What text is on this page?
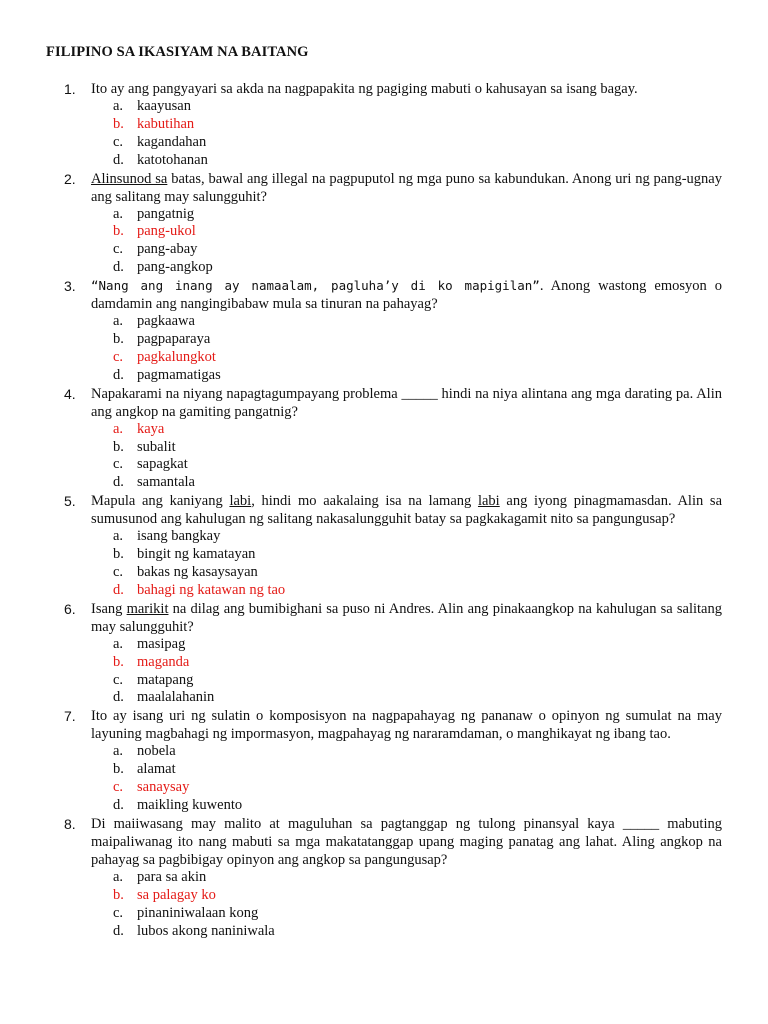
FILIPINO SA IKASIYAM NA BAITANG
1. Ito ay ang pangyayari sa akda na nagpapakita ng pagiging mabuti o kahusayan sa isang bagay.
a. kaayusan
b. kabutihan
c. kagandahan
d. katotohanan
2. Alinsunod sa batas, bawal ang illegal na pagpuputol ng mga puno sa kabundukan. Anong uri ng pang-ugnay ang salitang may salungguhit?
a. pangatnig
b. pang-ukol
c. pang-abay
d. pang-angkop
3. “Nang ang inang ay namaalam, pagluha’y di ko mapigilan”. Anong wastong emosyon o damdamin ang nangingibabaw mula sa tinuran na pahayag?
a. pagkaawa
b. pagpaparaya
c. pagkalungkot
d. pagmamatigas
4. Napakarami na niyang napagtagumpayang problema _____ hindi na niya alintana ang mga darating pa. Alin ang angkop na gamiting pangatnig?
a. kaya
b. subalit
c. sapagkat
d. samantala
5. Mapula ang kaniyang labi, hindi mo aakalaing isa na lamang labi ang iyong pinagmamasdan. Alin sa sumusunod ang kahulugan ng salitang nakasalungguhit batay sa pagkakagamit nito sa pangungusap?
a. isang bangkay
b. bingit ng kamatayan
c. bakas ng kasaysayan
d. bahagi ng katawan ng tao
6. Isang marikit na dilag ang bumibighani sa puso ni Andres. Alin ang pinakaangkop na kahulugan sa salitang may salungguhit?
a. masipag
b. maganda
c. matapang
d. maalalahanin
7. Ito ay isang uri ng sulatin o komposisyon na nagpapahayag ng pananaw o opinyon ng sumulat na may layuning magbahagi ng impormasyon, magpahayag ng nararamdaman, o manghikayat ng ibang tao.
a. nobela
b. alamat
c. sanaysay
d. maikling kuwento
8. Di maiiwasang may malito at maguluhan sa pagtanggap ng tulong pinansyal kaya _____ mabuting maipaliwanag ito nang mabuti sa mga makatatanggap upang maging panatag ang lahat. Aling angkop na pahayag sa pagbibigay opinyon ang angkop sa pangungusap?
a. para sa akin
b. sa palagay ko
c. pinaniniwalaan kong
d. lubos akong naniniwala
